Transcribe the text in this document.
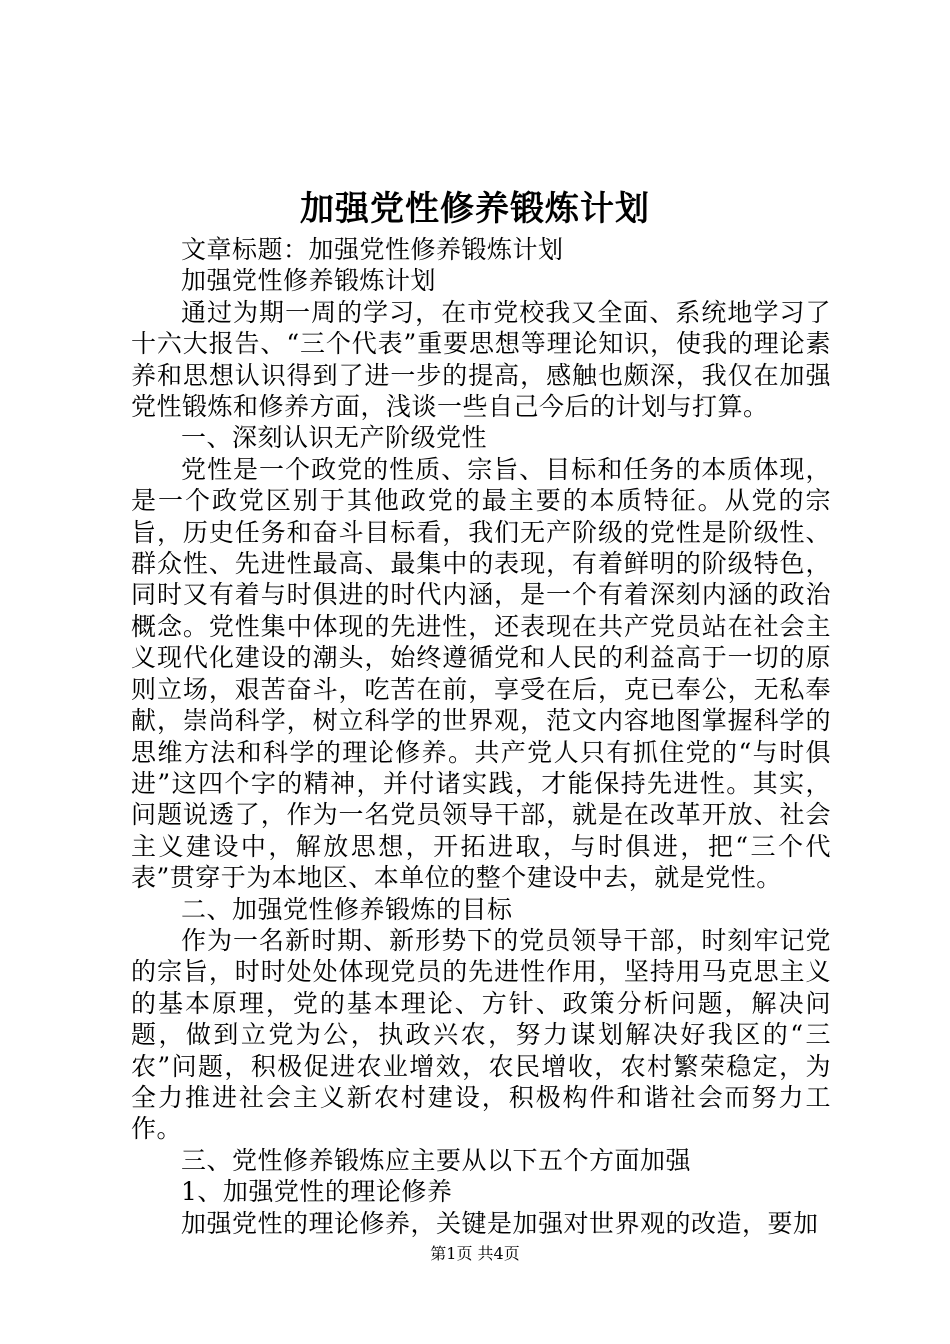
加强党性修养锻炼计划

文章标题：加强党性修养锻炼计划

加强党性修养锻炼计划

通过为期一周的学习，在市党校我又全面、系统地学习了十六大报告、“三个代表”重要思想等理论知识，使我的理论素养和思想认识得到了进一步的提高，感触也颇深，我仅在加强党性锻炼和修养方面，浅谈一些自己今后的计划与打算。

一、深刻认识无产阶级党性

党性是一个政党的性质、宗旨、目标和任务的本质体现，是一个政党区别于其他政党的最主要的本质特征。从党的宗旨，历史任务和奋斗目标看，我们无产阶级的党性是阶级性、群众性、先进性最高、最集中的表现，有着鲜明的阶级特色，同时又有着与时俱进的时代内涵，是一个有着深刻内涵的政治概念。党性集中体现的先进性，还表现在共产党员站在社会主义现代化建设的潮头，始终遵循党和人民的利益高于一切的原则立场，艰苦奋斗，吃苦在前，享受在后，克已奉公，无私奉献，崇尚科学，树立科学的世界观，范文内容地图掌握科学的思维方法和科学的理论修养。共产党人只有抓住党的“与时俱进”这四个字的精神，并付诸实践，才能保持先进性。其实，问题说透了，作为一名党员领导干部，就是在改革开放、社会主义建设中，解放思想，开拓进取，与时俱进，把“三个代表”贯穿于为本地区、本单位的整个建设中去，就是党性。

二、加强党性修养锻炼的目标

作为一名新时期、新形势下的党员领导干部，时刻牢记党的宗旨，时时处处体现党员的先进性作用，坚持用马克思主义的基本原理，党的基本理论、方针、政策分析问题，解决问题，做到立党为公，执政兴农，努力谋划解决好我区的“三农”问题，积极促进农业增效，农民增收，农村繁荣稳定，为全力推进社会主义新农村建设，积极构件和谐社会而努力工作。

三、党性修养锻炼应主要从以下五个方面加强

1、加强党性的理论修养

加强党性的理论修养，关键是加强对世界观的改造，要加

第1页 共4页
